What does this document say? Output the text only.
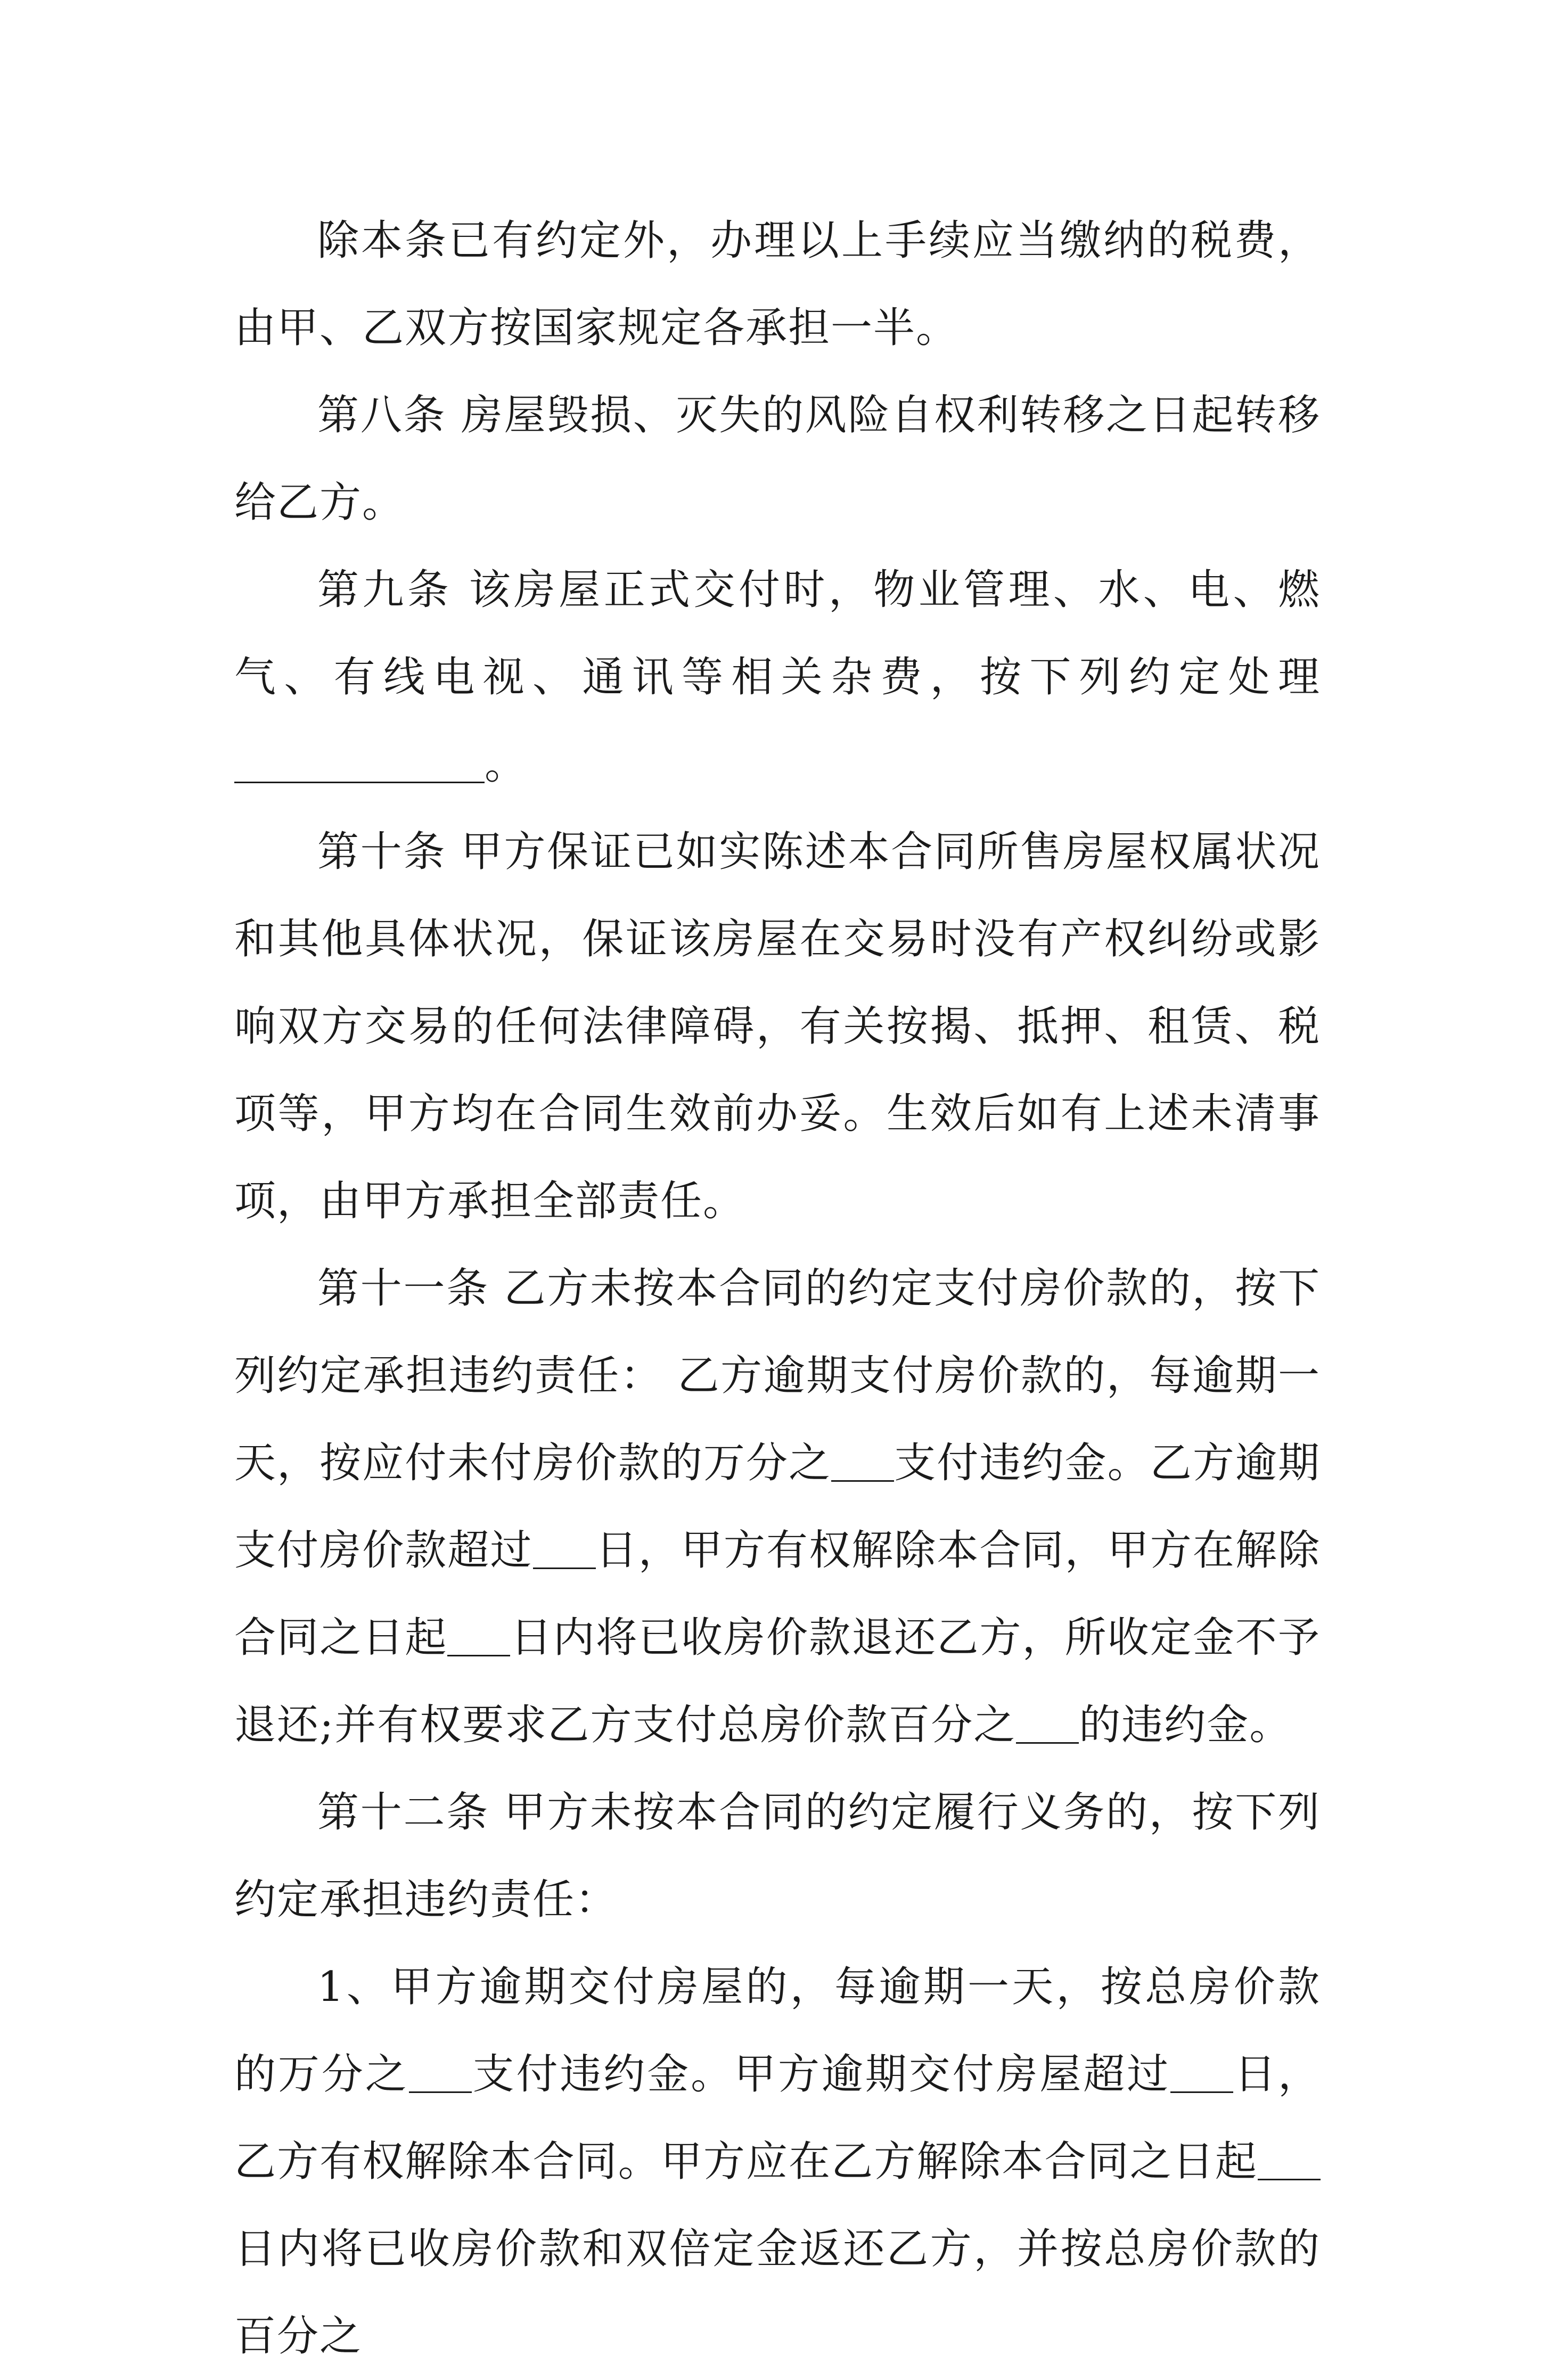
除本条已有约定外，办理以上手续应当缴纳的税费，由甲、乙双方按国家规定各承担一半。

第八条 房屋毁损、灭失的风险自权利转移之日起转移给乙方。

第九条 该房屋正式交付时，物业管理、水、电、燃气、有线电视、通讯等相关杂费，按下列约定处理。

第十条 甲方保证已如实陈述本合同所售房屋权属状况和其他具体状况，保证该房屋在交易时没有产权纠纷或影响双方交易的任何法律障碍，有关按揭、抵押、租赁、税项等，甲方均在合同生效前办妥。生效后如有上述未清事项，由甲方承担全部责任。

第十一条 乙方未按本合同的约定支付房价款的，按下列约定承担违约责任： 乙方逾期支付房价款的，每逾期一天，按应付未付房价款的万分之 支付违约金。乙方逾期支付房价款超过 日，甲方有权解除本合同，甲方在解除合同之日起 日内将已收房价款退还乙方，所收定金不予退还;并有权要求乙方支付总房价款百分之 的违约金。

第十二条 甲方未按本合同的约定履行义务的，按下列约定承担违约责任：

1、甲方逾期交付房屋的，每逾期一天，按总房价款的万分之 支付违约金。甲方逾期交付房屋超过 日，乙方有权解除本合同。甲方应在乙方解除本合同之日起日内将已收房价款和双倍定金返还乙方，并按总房价款的百分之
